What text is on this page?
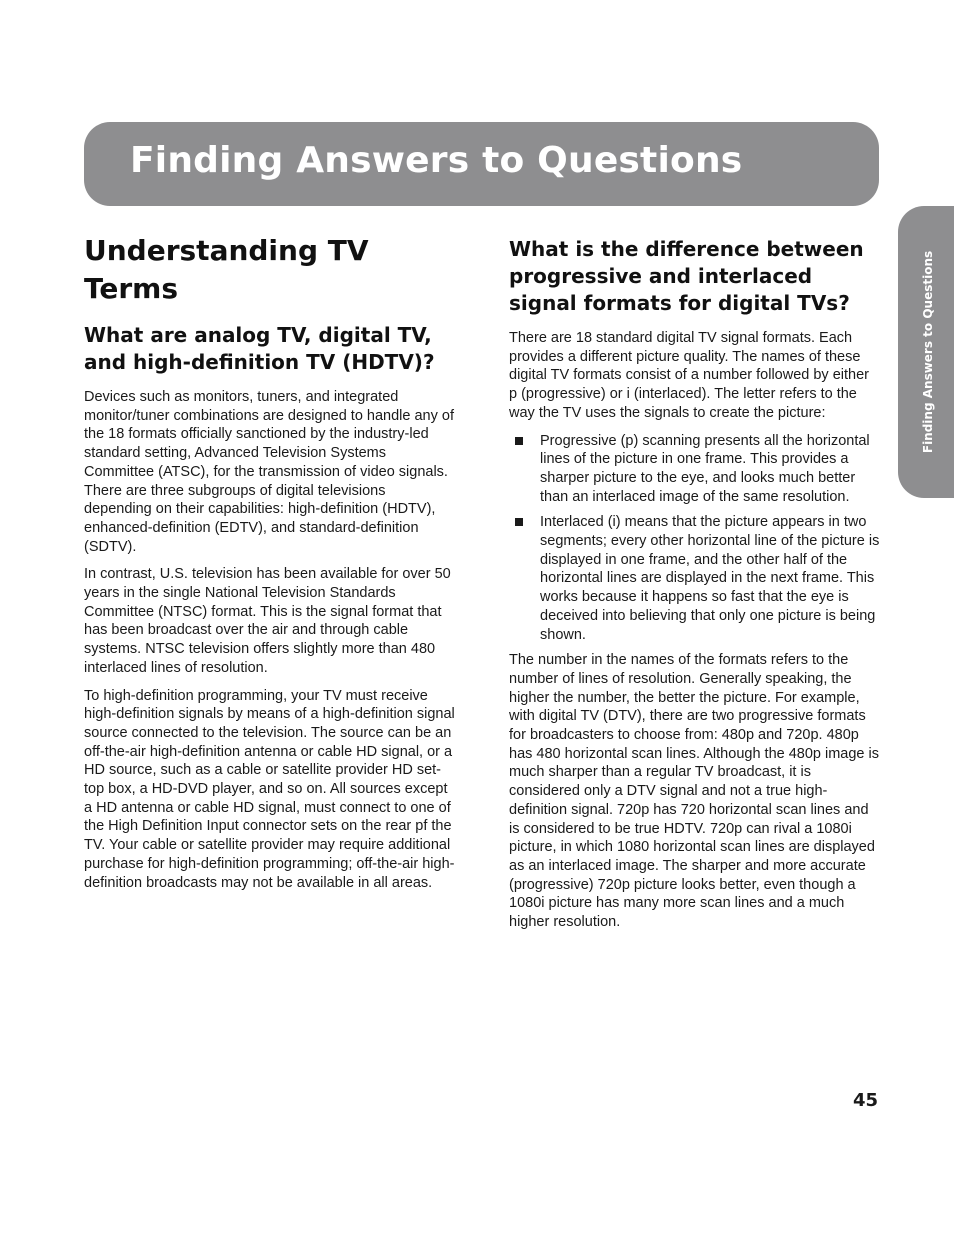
Finding Answers to Questions
Finding Answers to Questions
Understanding TV Terms
What are analog TV, digital TV, and high-definition TV (HDTV)?

Devices such as monitors, tuners, and integrated monitor/tuner combinations are designed to handle any of the 18 formats officially sanctioned by the industry-led standard setting, Advanced Television Systems Committee (ATSC), for the transmission of video signals. There are three subgroups of digital televisions depending on their capabilities: high-definition (HDTV), enhanced-definition (EDTV), and standard-definition (SDTV).

In contrast, U.S. television has been available for over 50 years in the single National Television Standards Committee (NTSC) format. This is the signal format that has been broadcast over the air and through cable systems. NTSC television offers slightly more than 480 interlaced lines of resolution.

To high-definition programming, your TV must receive high-definition signals by means of a high-definition signal source connected to the television. The source can be an off-the-air high-definition antenna or cable HD signal, or a HD source, such as a cable or satellite provider HD set-top box, a HD-DVD player, and so on. All sources except a HD antenna or cable HD signal, must connect to one of the High Definition Input connector sets on the rear pf the TV. Your cable or satellite provider may require additional purchase for high-definition programming; off-the-air high-definition broadcasts may not be available in all areas.

What is the difference between progressive and interlaced signal formats for digital TVs?

There are 18 standard digital TV signal formats. Each provides a different picture quality. The names of these digital TV formats consist of a number followed by either p (progressive) or i (interlaced). The letter refers to the way the TV uses the signals to create the picture:

Progressive (p) scanning presents all the horizontal lines of the picture in one frame. This provides a sharper picture to the eye, and looks much better than an interlaced image of the same resolution.
Interlaced (i) means that the picture appears in two segments; every other horizontal line of the picture is displayed in one frame, and the other half of the horizontal lines are displayed in the next frame. This works because it happens so fast that the eye is deceived into believing that only one picture is being shown.

The number in the names of the formats refers to the number of lines of resolution. Generally speaking, the higher the number, the better the picture. For example, with digital TV (DTV), there are two progressive formats for broadcasters to choose from: 480p and 720p. 480p has 480 horizontal scan lines. Although the 480p image is much sharper than a regular TV broadcast, it is considered only a DTV signal and not a true high-definition signal. 720p has 720 horizontal scan lines and is considered to be true HDTV. 720p can rival a 1080i picture, in which 1080 horizontal scan lines are displayed as an interlaced image. The sharper and more accurate (progressive) 720p picture looks better, even though a 1080i picture has many more scan lines and a much higher resolution.

45
